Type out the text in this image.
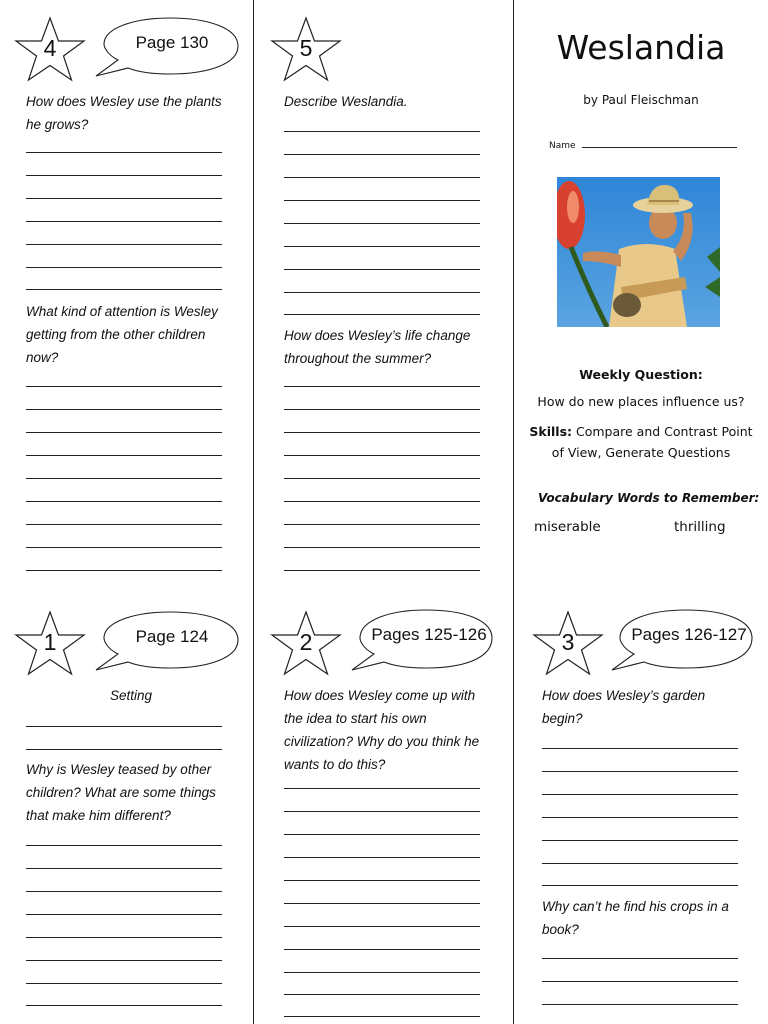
4	Page 130
How does Wesley use the plants
he grows?
What kind of attention is Wesley
getting from the other children
now?
5
Describe Weslandia.
How does Wesley’s life change
throughout the summer?
Weslandia
by Paul Fleischman
Name
Weekly Question:
How do new places influence us?
Skills: Compare and Contrast Point
of View, Generate Questions
Vocabulary Words to Remember:
miserable	thrilling
1	Page 124
Setting
Why is Wesley teased by other
children? What are some things
that make him different?
2	Pages 125-126
How does Wesley come up with
the idea to start his own
civilization? Why do you think he
wants to do this?
3	Pages 126-127
How does Wesley’s garden
begin?
Why can’t he find his crops in a
book?
